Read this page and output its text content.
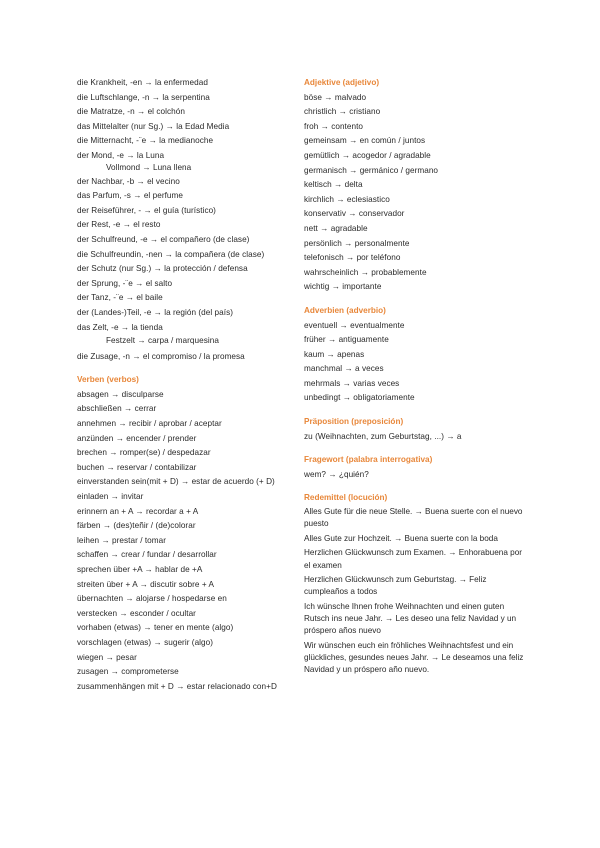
die Krankheit, -en → la enfermedad
die Luftschlange, -n → la serpentina
die Matratze, -n → el colchón
das Mittelalter (nur Sg.) → la Edad Media
die Mitternacht, -¨e → la medianoche
der Mond, -e → la Luna
Vollmond → Luna llena
der Nachbar, -b → el vecino
das Parfum, -s → el perfume
der Reiseführer, - → el guía (turístico)
der Rest, -e → el resto
der Schulfreund, -e → el compañero (de clase)
die Schulfreundin, -nen → la compañera (de clase)
der Schutz (nur Sg.) → la protección / defensa
der Sprung, -¨e → el salto
der Tanz, -¨e → el baile
der (Landes-)Teil, -e → la región (del país)
das Zelt, -e → la tienda
Festzelt → carpa / marquesina
die Zusage, -n → el compromiso / la promesa
Verben (verbos)
absagen → disculparse
abschließen → cerrar
annehmen → recibir / aprobar / aceptar
anzünden → encender / prender
brechen → romper(se) / despedazar
buchen → reservar / contabilizar
einverstanden sein(mit + D) → estar de acuerdo (+ D)
einladen → invitar
erinnern an + A → recordar a + A
färben → (des)teñir / (de)colorar
leihen → prestar / tomar
schaffen → crear / fundar / desarrollar
sprechen über +A → hablar de +A
streiten über + A → discutir sobre + A
übernachten → alojarse / hospedarse en
verstecken → esconder / ocultar
vorhaben (etwas) → tener en mente (algo)
vorschlagen (etwas) → sugerir (algo)
wiegen → pesar
zusagen → comprometerse
zusammenhängen mit + D → estar relacionado con+D
Adjektive (adjetivo)
böse → malvado
christlich → cristiano
froh → contento
gemeinsam → en común / juntos
gemütlich → acogedor / agradable
germanisch → germánico / germano
keltisch → delta
kirchlich → eclesiastico
konservativ → conservador
nett → agradable
persönlich → personalmente
telefonisch → por teléfono
wahrscheinlich → probablemente
wichtig → importante
Adverbien (adverbio)
eventuell → eventualmente
früher → antiguamente
kaum → apenas
manchmal → a veces
mehrmals → varias veces
unbedingt → obligatoriamente
Präposition (preposición)
zu (Weihnachten, zum Geburtstag, ...) → a
Fragewort (palabra interrogativa)
wem? → ¿quién?
Redemittel (locución)
Alles Gute für die neue Stelle. → Buena suerte con el nuevo puesto
Alles Gute zur Hochzeit. → Buena suerte con la boda
Herzlichen Glückwunsch zum Examen. → Enhorabuena por el examen
Herzlichen Glückwunsch zum Geburtstag. → Feliz cumpleaños a todos
Ich wünsche Ihnen frohe Weihnachten und einen guten Rutsch ins neue Jahr. → Les deseo una feliz Navidad y un próspero años nuevo
Wir wünschen euch ein fröhliches Weihnachtsfest und ein glückliches, gesundes neues Jahr. → Le deseamos una feliz Navidad y un próspero año nuevo.
